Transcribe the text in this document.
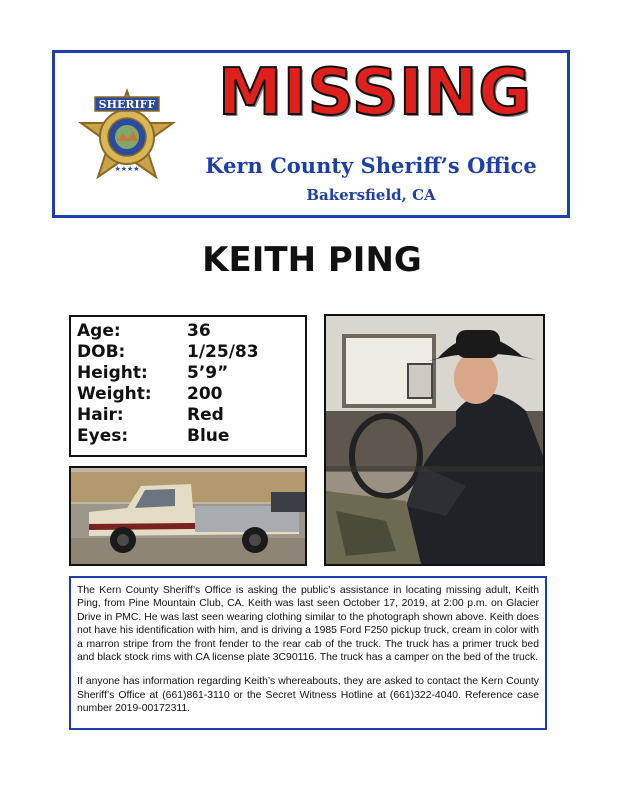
SHERIFF
★★★★
MISSING
Kern County Sheriff’s Office
Bakersfield, CA
KEITH PING
Age:	36
DOB:	1/25/83
Height:	5’9”
Weight:	200
Hair:	Red
Eyes:	Blue

The Kern County Sheriff’s Office is asking the public’s assistance in locating missing adult, Keith Ping, from Pine Mountain Club, CA. Keith was last seen October 17, 2019, at 2:00 p.m. on Glacier Drive in PMC. He was last seen wearing clothing similar to the photograph shown above. Keith does not have his identification with him, and is driving a 1985 Ford F250 pickup truck, cream in color with a marron stripe from the front fender to the rear cab of the truck. The truck has a primer truck bed and black stock rims with CA license plate 3C90116. The truck has a camper on the bed of the truck.

If anyone has information regarding Keith’s whereabouts, they are asked to contact the Kern County Sheriff’s Office at (661)861-3110 or the Secret Witness Hotline at (661)322-4040. Reference case number 2019-00172311.
